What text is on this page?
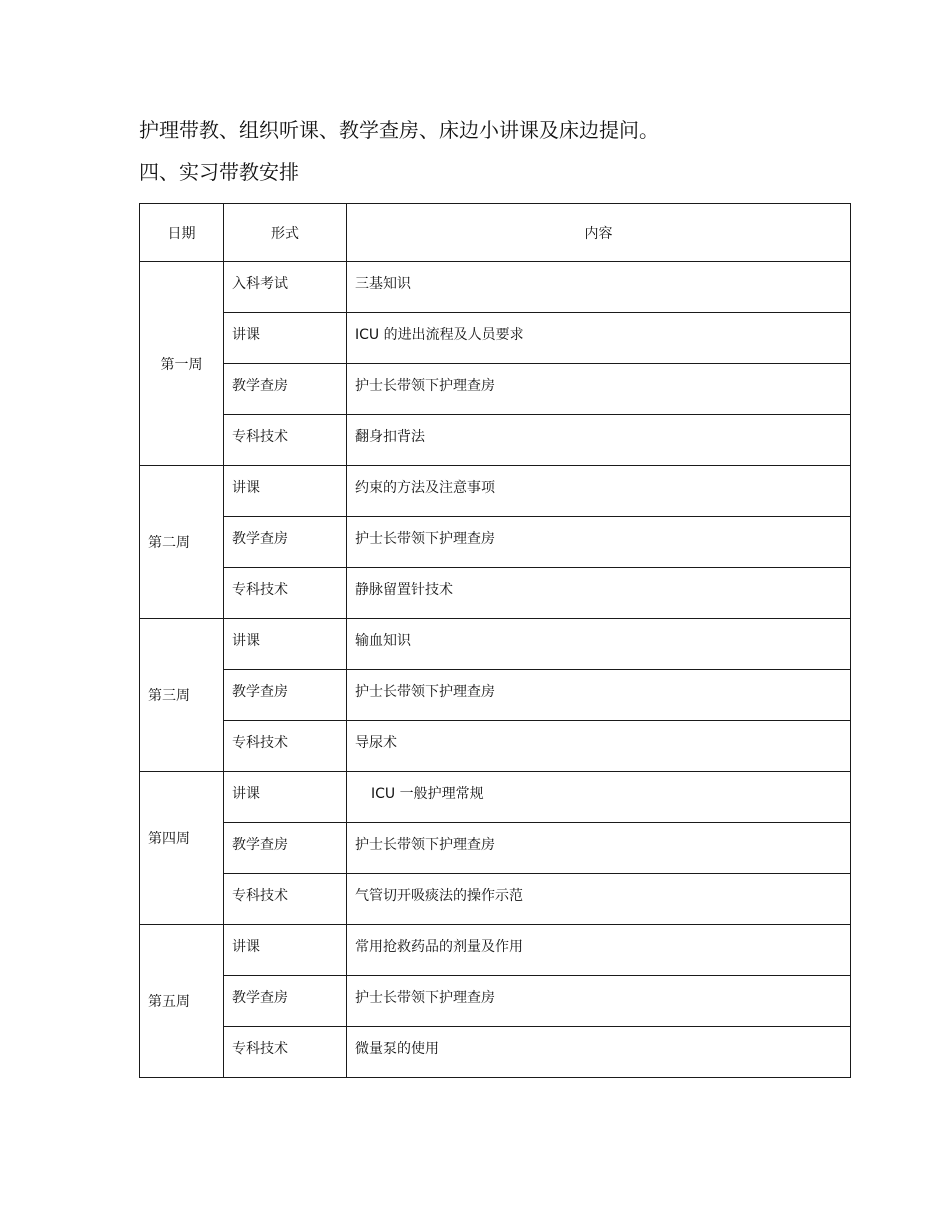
护理带教、组织听课、教学查房、床边小讲课及床边提问。
四、实习带教安排
日期	形式	内容
第一周	入科考试	三基知识
	讲课	ICU 的进出流程及人员要求
	教学查房	护士长带领下护理查房
	专科技术	翻身扣背法
第二周	讲课	约束的方法及注意事项
	教学查房	护士长带领下护理查房
	专科技术	静脉留置针技术
第三周	讲课	输血知识
	教学查房	护士长带领下护理查房
	专科技术	导尿术
第四周	讲课	ICU 一般护理常规
	教学查房	护士长带领下护理查房
	专科技术	气管切开吸痰法的操作示范
第五周	讲课	常用抢救药品的剂量及作用
	教学查房	护士长带领下护理查房
	专科技术	微量泵的使用
